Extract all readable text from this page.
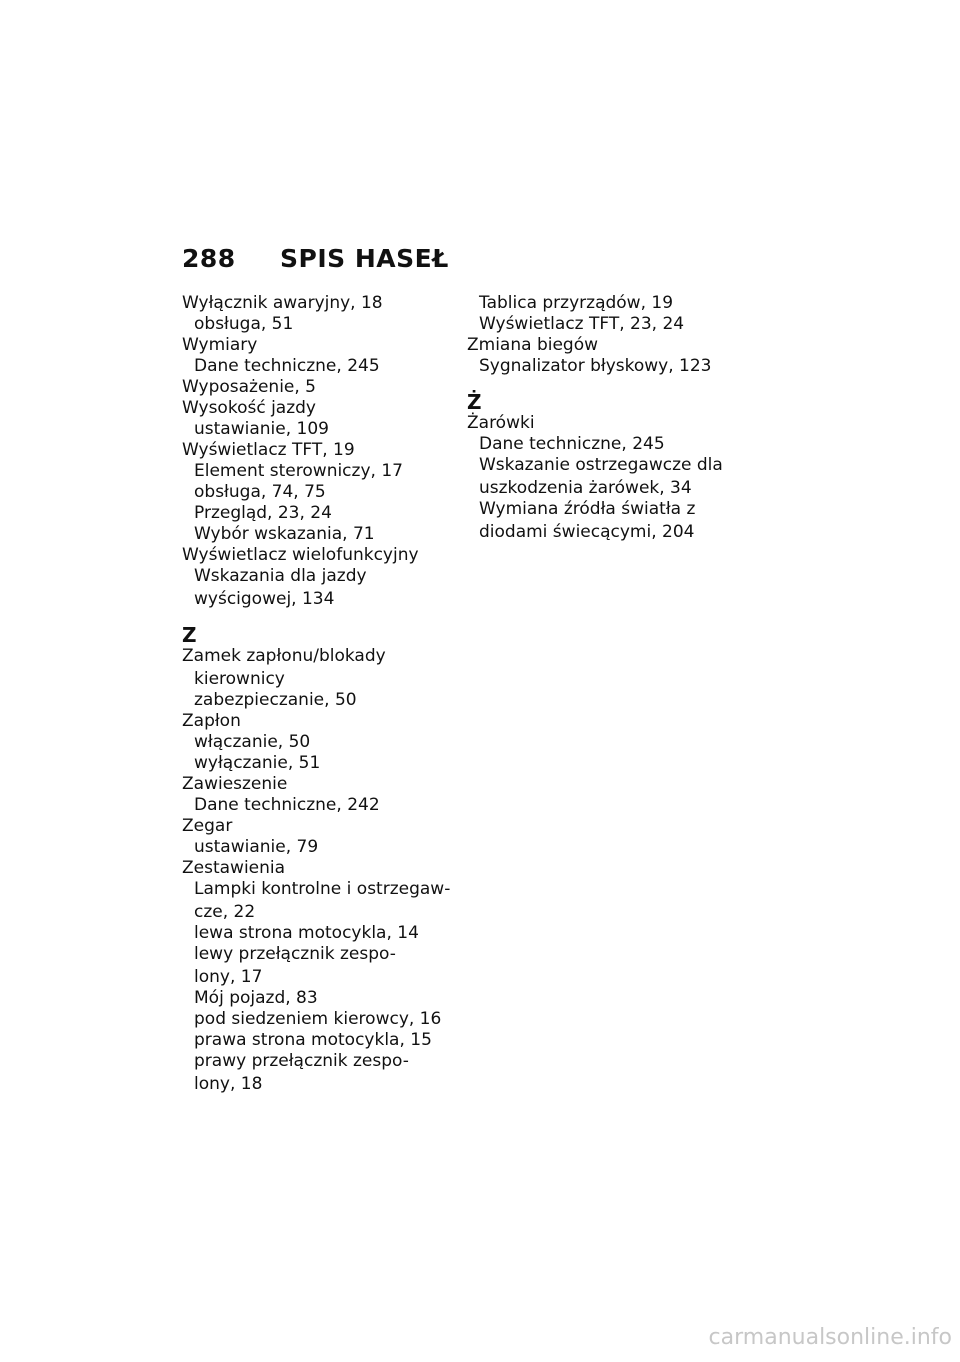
288	SPIS HASEŁ
Wyłącznik awaryjny, 18
obsługa, 51
Wymiary
Dane techniczne, 245
Wyposażenie, 5
Wysokość jazdy
ustawianie, 109
Wyświetlacz TFT, 19
Element sterowniczy, 17
obsługa, 74, 75
Przegląd, 23, 24
Wybór wskazania, 71
Wyświetlacz wielofunkcyjny
Wskazania dla jazdy
wyścigowej, 134
Z
Zamek zapłonu/blokady
kierownicy
zabezpieczanie, 50
Zapłon
włączanie, 50
wyłączanie, 51
Zawieszenie
Dane techniczne, 242
Zegar
ustawianie, 79
Zestawienia
Lampki kontrolne i ostrzegaw-
cze, 22
lewa strona motocykla, 14
lewy przełącznik zespo-
lony, 17
Mój pojazd, 83
pod siedzeniem kierowcy, 16
prawa strona motocykla, 15
prawy przełącznik zespo-
lony, 18
Tablica przyrządów, 19
Wyświetlacz TFT, 23, 24
Zmiana biegów
Sygnalizator błyskowy, 123
Ż
Żarówki
Dane techniczne, 245
Wskazanie ostrzegawcze dla
uszkodzenia żarówek, 34
Wymiana źródła światła z
diodami świecącymi, 204
carmanualsonline.info
